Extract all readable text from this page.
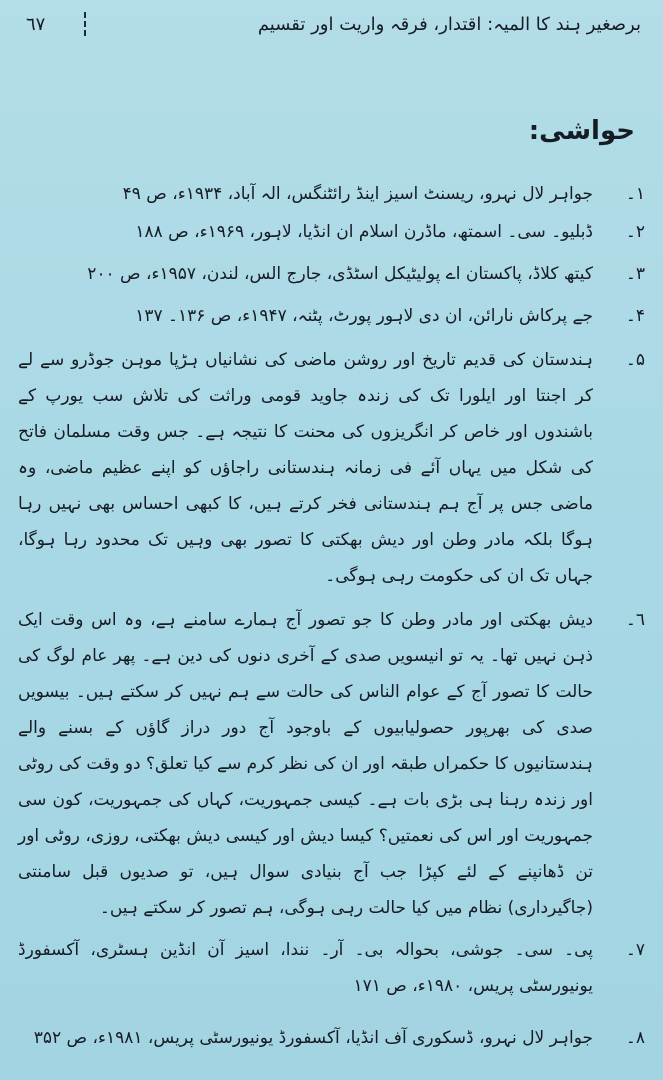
برصغیر ہند کا المیہ: اقتدار، فرقہ واریت اور تقسیم
٦٧
حواشی:
١۔
جواہر لال نہرو، ریسنٹ اسیز اینڈ رائٹنگس، الہ آباد، ۱۹۳۴ء، ص ۴۹
٢۔
ڈبلیو۔ سی۔ اسمتھ، ماڈرن اسلام ان انڈیا، لاہور، ۱۹۶۹ء، ص ۱۸۸
٣۔
کیتھ کلاڈ، پاکستان اے پولیٹیکل اسٹڈی، جارج الس، لندن، ۱۹۵۷ء، ص ۲۰۰
۴۔
جے پرکاش نارائن، ان دی لاہور پورٹ، پٹنہ، ۱۹۴۷ء، ص ۱۳۶۔ ۱۳۷
۵۔
ہندستان کی قدیم تاریخ اور روشن ماضی کی نشانیاں ہڑپا موہن جوڈرو سے لے کر اجنتا اور ایلورا تک کی زندہ جاوید قومی وراثت کی تلاش سب یورپ کے باشندوں اور خاص کر انگریزوں کی محنت کا نتیجہ ہے۔ جس وقت مسلمان فاتح کی شکل میں یہاں آئے فی زمانہ ہندستانی راجاؤں کو اپنے عظیم ماضی، وہ ماضی جس پر آج ہم ہندستانی فخر کرتے ہیں، کا کبھی احساس بھی نہیں رہا ہوگا بلکہ مادر وطن اور دیش بھکتی کا تصور بھی وہیں تک محدود رہا ہوگا، جہاں تک ان کی حکومت رہی ہوگی۔
٦۔
دیش بھکتی اور مادر وطن کا جو تصور آج ہمارے سامنے ہے، وہ اس وقت ایک ذہن نہیں تھا۔ یہ تو انیسویں صدی کے آخری دنوں کی دین ہے۔ پھر عام لوگ کی حالت کا تصور آج کے عوام الناس کی حالت سے ہم نہیں کر سکتے ہیں۔ بیسویں صدی کی بھرپور حصولیابیوں کے باوجود آج دور دراز گاؤں کے بسنے والے ہندستانیوں کا حکمراں طبقہ اور ان کی نظر کرم سے کیا تعلق؟ دو وقت کی روٹی اور زندہ رہنا ہی بڑی بات ہے۔ کیسی جمہوریت، کہاں کی جمہوریت، کون سی جمہوریت اور اس کی نعمتیں؟ کیسا دیش اور کیسی دیش بھکتی، روزی، روٹی اور تن ڈھانپنے کے لئے کپڑا جب آج بنیادی سوال ہیں، تو صدیوں قبل سامنتی (جاگیرداری) نظام میں کیا حالت رہی ہوگی، ہم تصور کر سکتے ہیں۔
٧۔
پی۔ سی۔ جوشی، بحوالہ بی۔ آر۔ نندا، اسیز آن انڈین ہسٹری، آکسفورڈ یونیورسٹی پریس، ۱۹۸۰ء، ص ۱۷۱
٨۔
جواہر لال نہرو، ڈسکوری آف انڈیا، آکسفورڈ یونیورسٹی پریس، ۱۹۸۱ء، ص ۳۵۲
